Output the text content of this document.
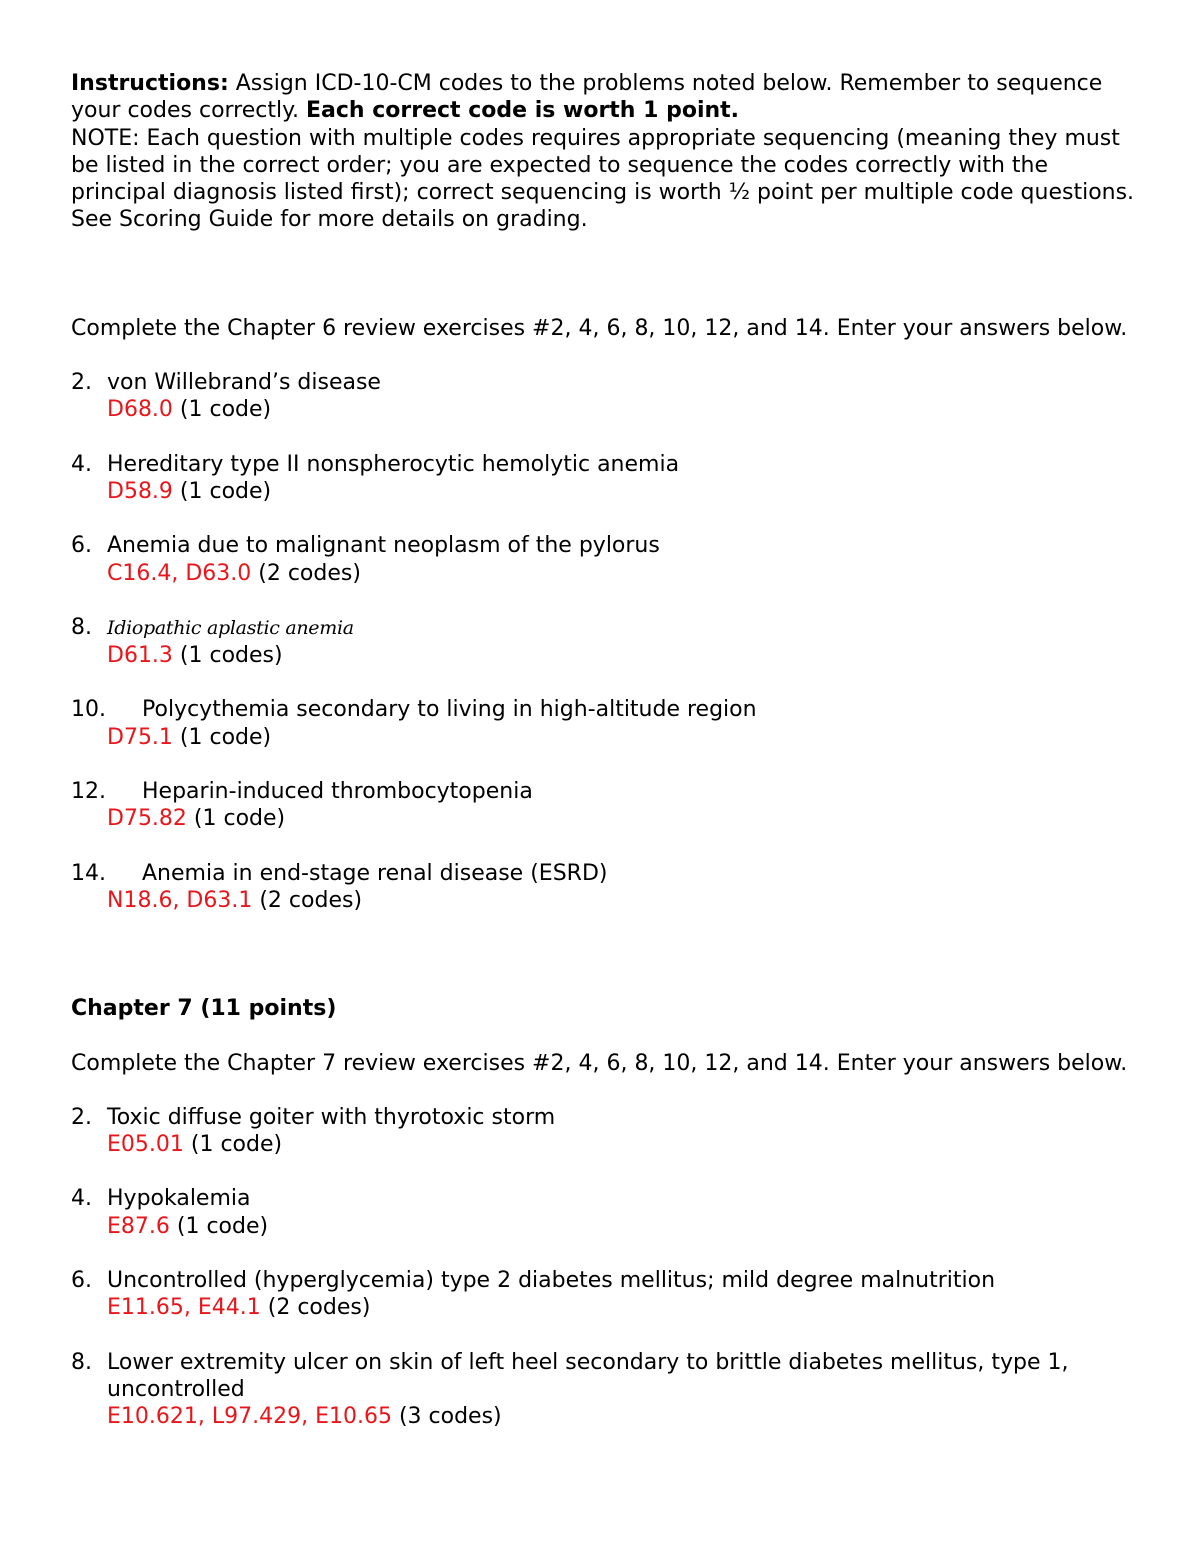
Instructions: Assign ICD-10-CM codes to the problems noted below. Remember to sequence your codes correctly. Each correct code is worth 1 point.

NOTE: Each question with multiple codes requires appropriate sequencing (meaning they must be listed in the correct order; you are expected to sequence the codes correctly with the principal diagnosis listed first); correct sequencing is worth ½ point per multiple code questions. See Scoring Guide for more details on grading.

Complete the Chapter 6 review exercises #2, 4, 6, 8, 10, 12, and 14. Enter your answers below.

2. von Willebrand’s disease
D68.0 (1 code)
4. Hereditary type II nonspherocytic hemolytic anemia
D58.9 (1 code)
6. Anemia due to malignant neoplasm of the pylorus
C16.4, D63.0 (2 codes)
8. Idiopathic aplastic anemia
D61.3 (1 codes)
10.	Polycythemia secondary to living in high-altitude region
D75.1 (1 code)
12.	Heparin-induced thrombocytopenia
D75.82 (1 code)
14.	Anemia in end-stage renal disease (ESRD)
N18.6, D63.1 (2 codes)
Chapter 7 (11 points)

Complete the Chapter 7 review exercises #2, 4, 6, 8, 10, 12, and 14. Enter your answers below.

2. Toxic diffuse goiter with thyrotoxic storm
E05.01 (1 code)
4. Hypokalemia
E87.6 (1 code)
6. Uncontrolled (hyperglycemia) type 2 diabetes mellitus; mild degree malnutrition
E11.65, E44.1 (2 codes)
8. Lower extremity ulcer on skin of left heel secondary to brittle diabetes mellitus, type 1, uncontrolled
E10.621, L97.429, E10.65 (3 codes)
